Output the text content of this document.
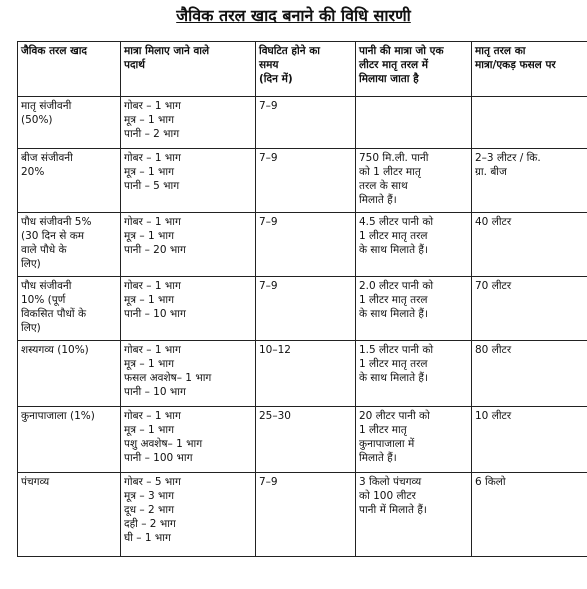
जैविक तरल खाद बनाने की विधि सारणी
जैविक तरल खाद	मात्रा मिलाए जाने वाले
पदार्थ	विघटित होने का
समय
(दिन में)	पानी की मात्रा जो एक
लीटर मातृ तरल में
मिलाया जाता है	मातृ तरल का
मात्रा/एकड़ फसल पर

मातृ संजीवनी
(50%)	गोबर – 1 भाग
मूत्र – 1 भाग
पानी – 2 भाग	7–9		

बीज संजीवनी
20%	गोबर – 1 भाग
मूत्र – 1 भाग
पानी – 5 भाग	7–9	750 मि.ली. पानी
को 1 लीटर मातृ
तरल के साथ
मिलाते हैं।	2–3 लीटर / कि.
ग्रा. बीज

पौध संजीवनी 5%
(30 दिन से कम
वाले पौधे के
लिए)	गोबर – 1 भाग
मूत्र – 1 भाग
पानी – 20 भाग	7–9	4.5 लीटर पानी को
1 लीटर मातृ तरल
के साथ मिलाते हैं।	40 लीटर

पौध संजीवनी
10% (पूर्ण
विकसित पौधों के
लिए)	गोबर – 1 भाग
मूत्र – 1 भाग
पानी – 10 भाग	7–9	2.0 लीटर पानी को
1 लीटर मातृ तरल
के साथ मिलाते हैं।	70 लीटर

शस्यगव्य (10%)	गोबर – 1 भाग
मूत्र – 1 भाग
फसल अवशेष– 1 भाग
पानी – 10 भाग	10–12	1.5 लीटर पानी को
1 लीटर मातृ तरल
के साथ मिलाते हैं।	80 लीटर

कुनापाजाला (1%)	गोबर – 1 भाग
मूत्र – 1 भाग
पशु अवशेष– 1 भाग
पानी – 100 भाग	25–30	20 लीटर पानी को
1 लीटर मातृ
कुनापाजाला में
मिलाते हैं।	10 लीटर

पंचगव्य	गोबर – 5 भाग
मूत्र – 3 भाग
दूध – 2 भाग
दही – 2 भाग
घी – 1 भाग	7–9	3 किलो पंचगव्य
को 100 लीटर
पानी में मिलाते हैं।	6 किलो
